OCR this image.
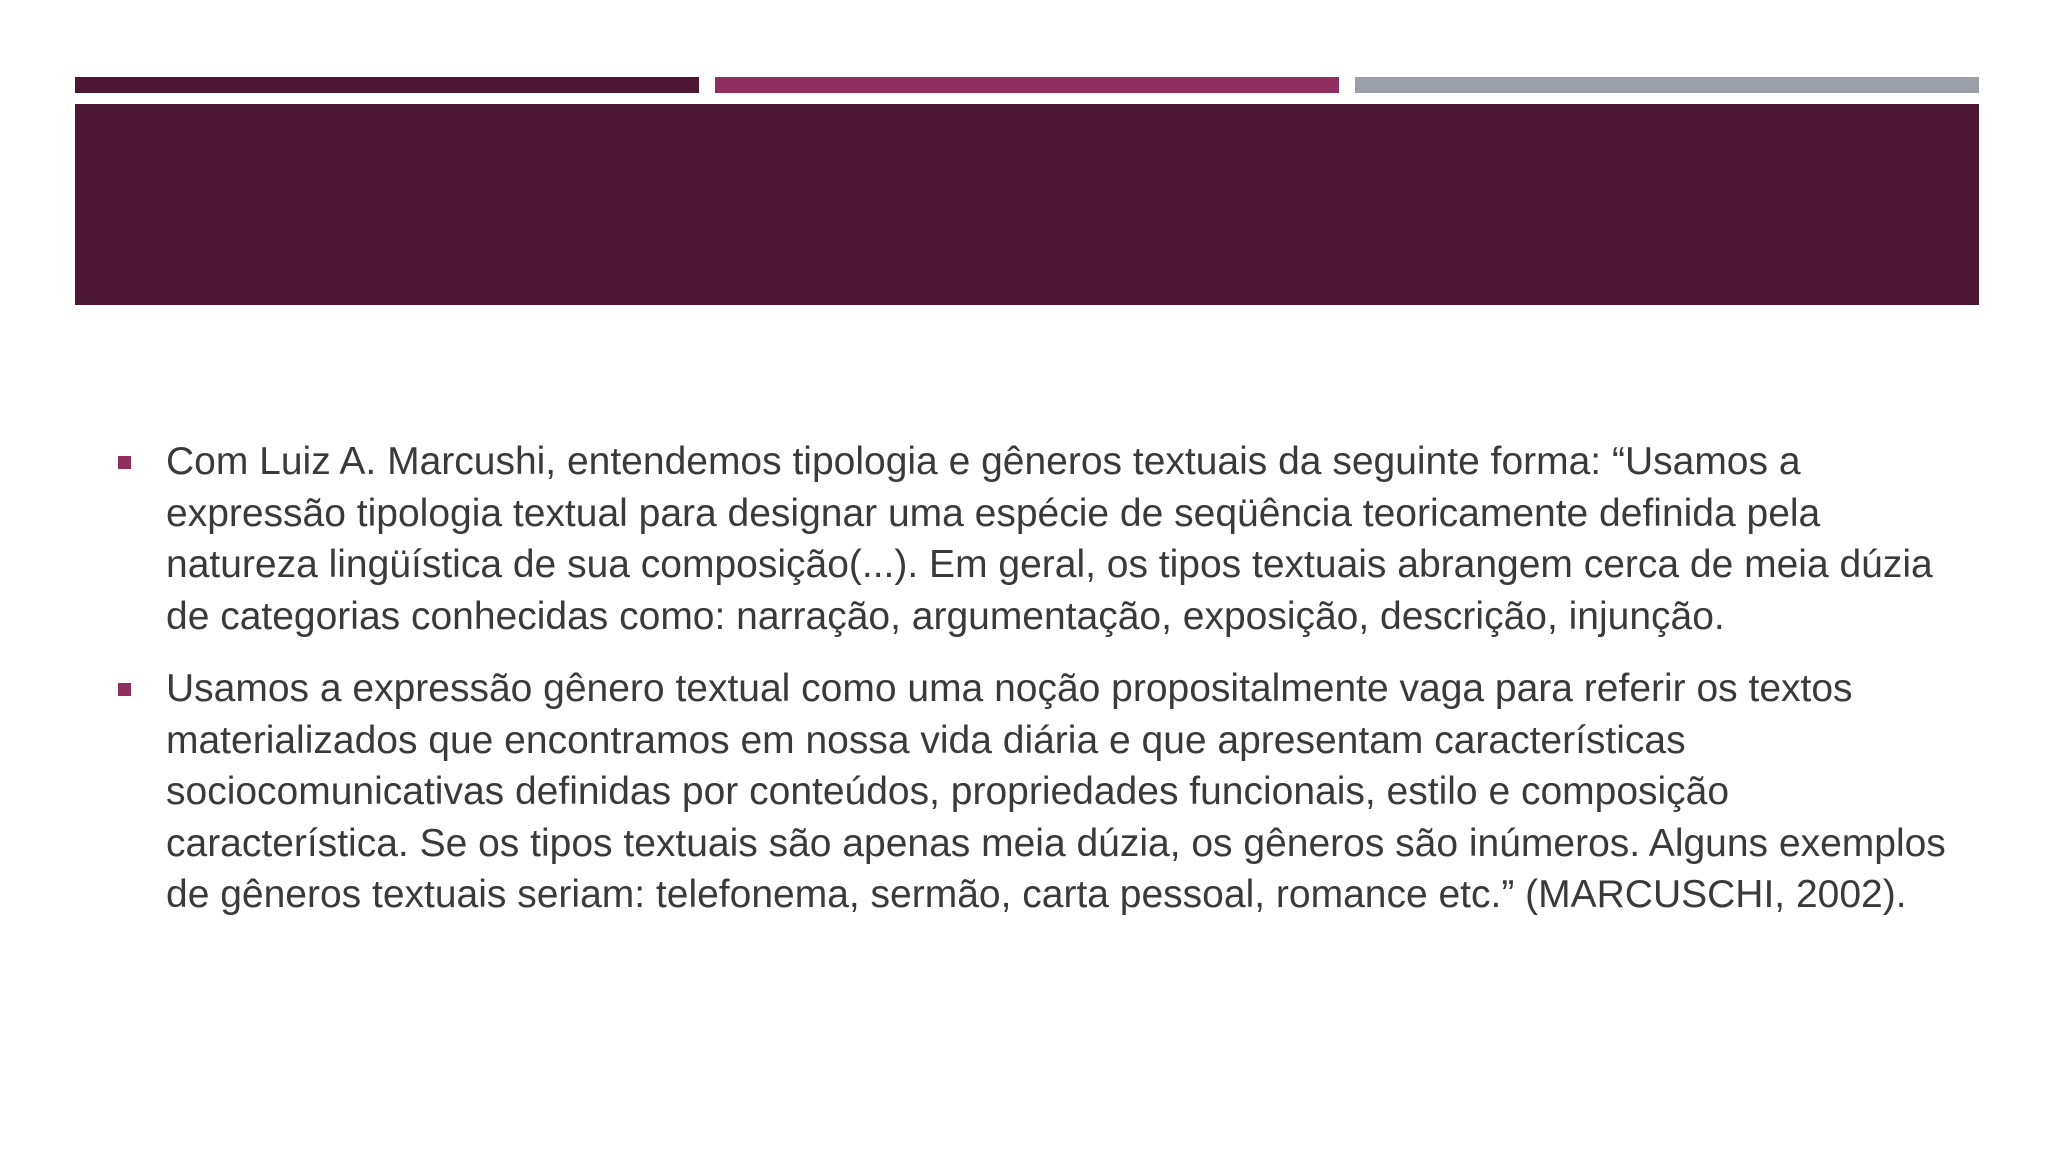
Com Luiz A. Marcushi, entendemos tipologia e gêneros textuais da seguinte forma: “Usamos a expressão tipologia textual para designar uma espécie de seqüência teoricamente definida pela natureza lingüística de sua composição(...). Em geral, os tipos textuais abrangem cerca de meia dúzia de categorias conhecidas como: narração, argumentação, exposição, descrição, injunção.
Usamos a expressão gênero textual como uma noção propositalmente vaga para referir os textos materializados que encontramos em nossa vida diária e que apresentam características sociocomunicativas definidas por conteúdos, propriedades funcionais, estilo e composição característica. Se os tipos textuais são apenas meia dúzia, os gêneros são inúmeros. Alguns exemplos de gêneros textuais seriam: telefonema, sermão, carta pessoal, romance etc.” (MARCUSCHI, 2002).
